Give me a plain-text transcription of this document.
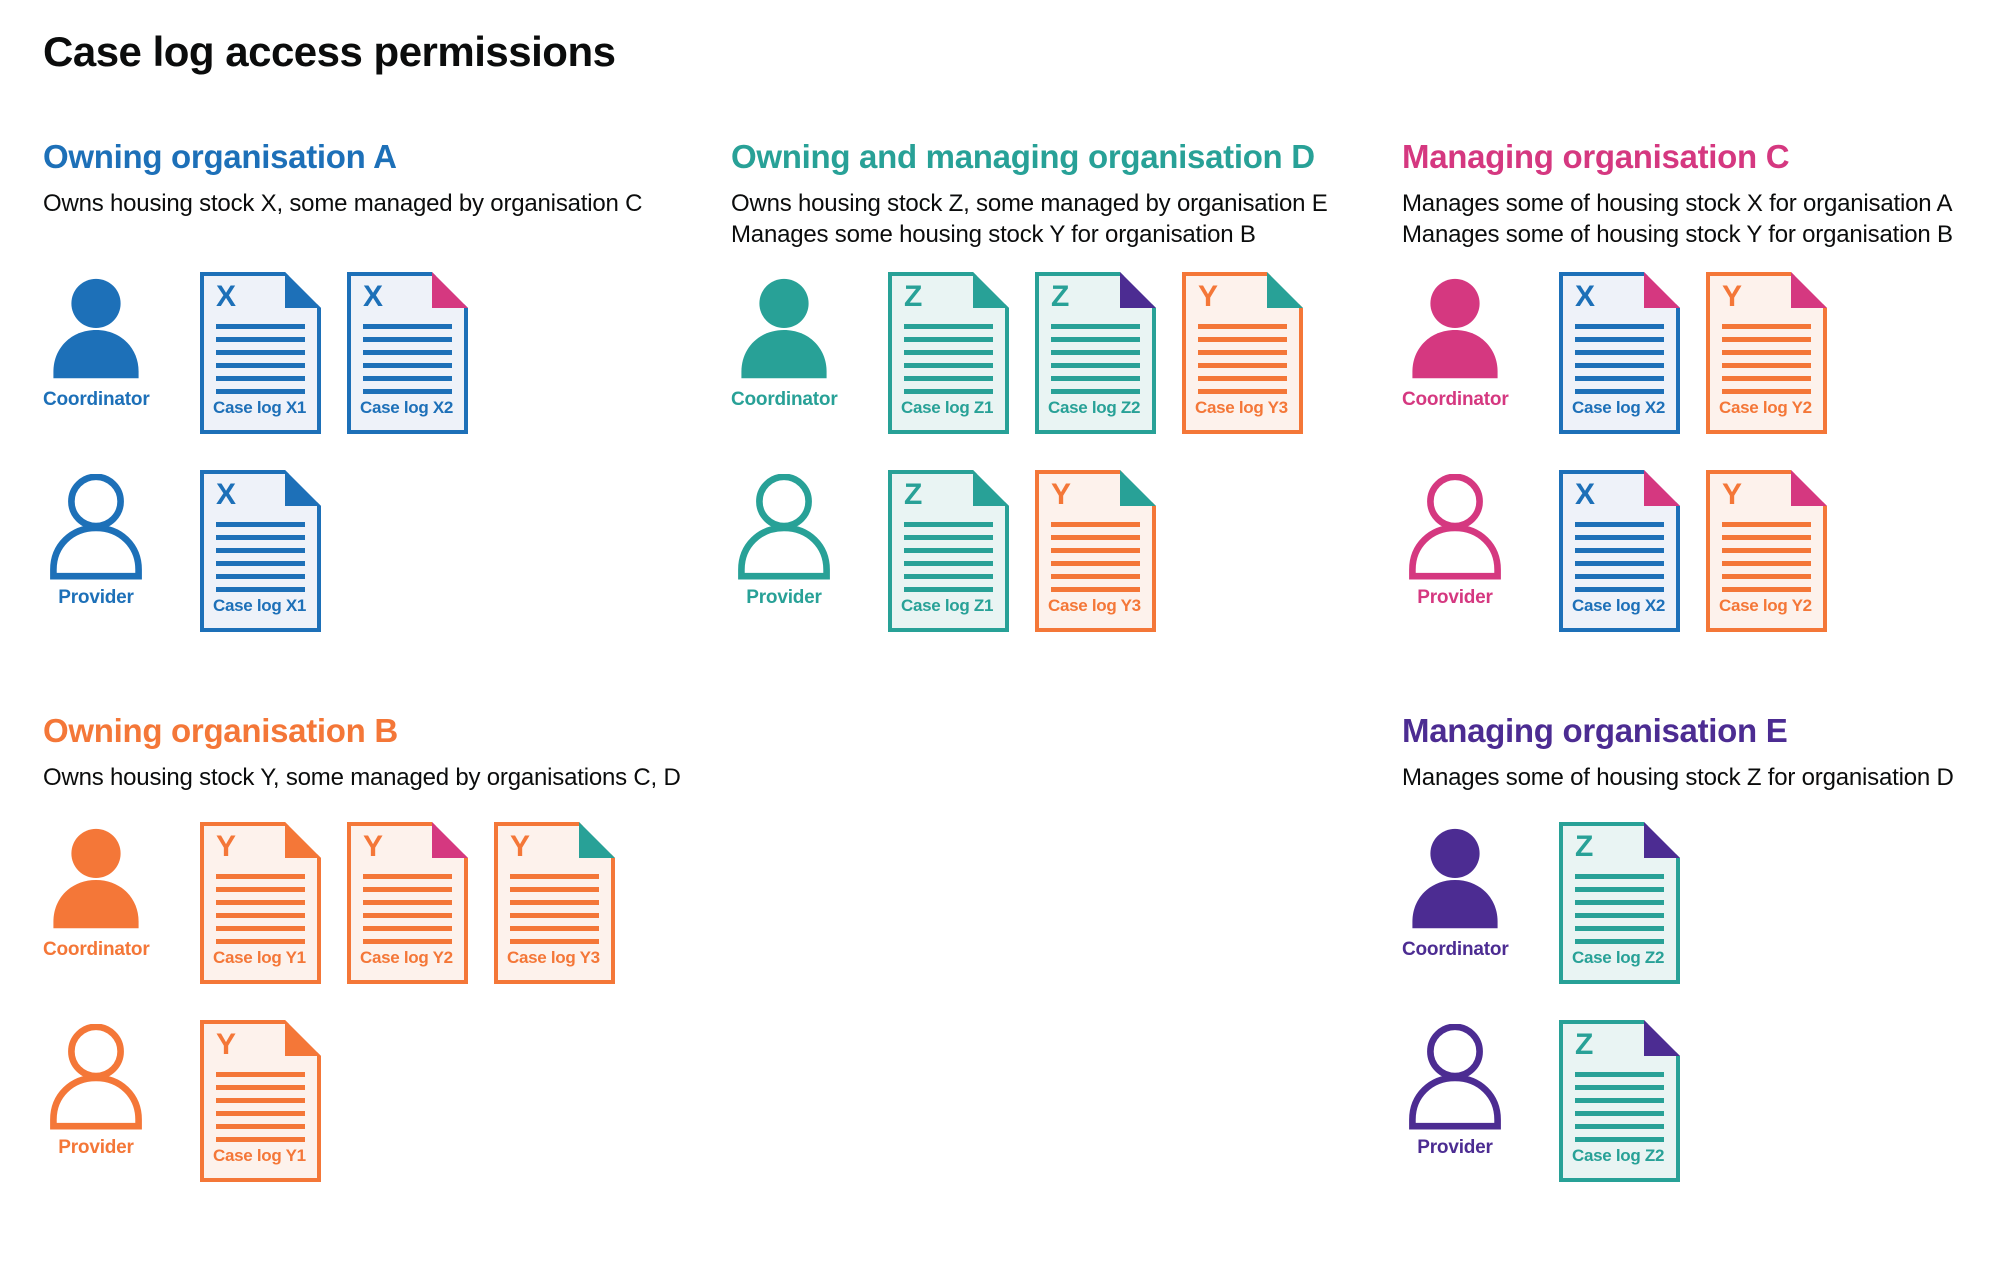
Case log access permissions
Owning organisation A

Owns housing stock X, some managed by organisation C

Coordinator
X
Case log X1
X
Case log X2
Provider
X
Case log X1
Owning and managing organisation D

Owns housing stock Z, some managed by organisation E

Manages some housing stock Y for organisation B

Coordinator
Z
Case log Z1
Z
Case log Z2
Y
Case log Y3
Provider
Z
Case log Z1
Y
Case log Y3
Managing organisation C

Manages some of housing stock X for organisation A

Manages some of housing stock Y for organisation B

Coordinator
X
Case log X2
Y
Case log Y2
Provider
X
Case log X2
Y
Case log Y2
Owning organisation B

Owns housing stock Y, some managed by organisations C, D

Coordinator
Y
Case log Y1
Y
Case log Y2
Y
Case log Y3
Provider
Y
Case log Y1
Managing organisation E

Manages some of housing stock Z for organisation D

Coordinator
Z
Case log Z2
Provider
Z
Case log Z2
